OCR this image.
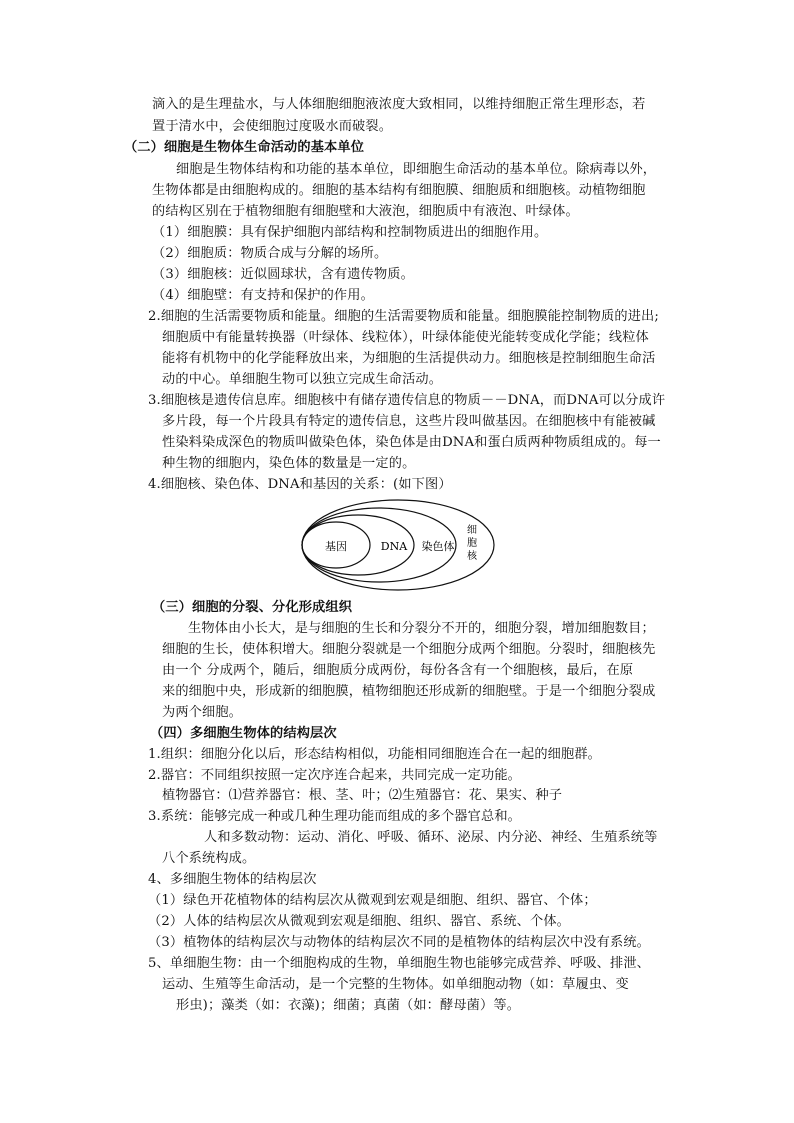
滴入的是生理盐水，与人体细胞细胞液浓度大致相同，以维持细胞正常生理形态，若
置于清水中，会使细胞过度吸水而破裂。
（二）细胞是生物体生命活动的基本单位
细胞是生物体结构和功能的基本单位，即细胞生命活动的基本单位。除病毒以外，
生物体都是由细胞构成的。细胞的基本结构有细胞膜、细胞质和细胞核。动植物细胞
的结构区别在于植物细胞有细胞壁和大液泡，细胞质中有液泡、叶绿体。
（1）细胞膜：具有保护细胞内部结构和控制物质进出的细胞作用。
（2）细胞质：物质合成与分解的场所。
（3）细胞核：近似圆球状，含有遗传物质。
（4）细胞壁：有支持和保护的作用。
2.细胞的生活需要物质和能量。细胞的生活需要物质和能量。细胞膜能控制物质的进出;
细胞质中有能量转换器（叶绿体、线粒体），叶绿体能使光能转变成化学能；线粒体
能将有机物中的化学能释放出来，为细胞的生活提供动力。细胞核是控制细胞生命活
动的中心。单细胞生物可以独立完成生命活动。
3.细胞核是遗传信息库。细胞核中有储存遗传信息的物质－－DNA，而DNA可以分成许
多片段，每一个片段具有特定的遗传信息，这些片段叫做基因。在细胞核中有能被碱
性染料染成深色的物质叫做染色体，染色体是由DNA和蛋白质两种物质组成的。每一
种生物的细胞内，染色体的数量是一定的。
4.细胞核、染色体、DNA和基因的关系：(如下图）
基因	DNA 染色体
细
胞
核
（三）细胞的分裂、分化形成组织
生物体由小长大，是与细胞的生长和分裂分不开的，细胞分裂，增加细胞数目；
细胞的生长，使体积增大。细胞分裂就是一个细胞分成两个细胞。分裂时，细胞核先
由一个 分成两个，随后，细胞质分成两份，每份各含有一个细胞核，最后，在原
来的细胞中央，形成新的细胞膜，植物细胞还形成新的细胞壁。于是一个细胞分裂成
为两个细胞。
（四）多细胞生物体的结构层次
1.组织：细胞分化以后，形态结构相似，功能相同细胞连合在一起的细胞群。
2.器官：不同组织按照一定次序连合起来，共同完成一定功能。
植物器官：⑴营养器官：根、茎、叶；⑵生殖器官：花、果实、种子
3.系统：能够完成一种或几种生理功能而组成的多个器官总和。
人和多数动物：运动、消化、呼吸、循环、泌尿、内分泌、神经、生殖系统等
八个系统构成。
4、多细胞生物体的结构层次
（1）绿色开花植物体的结构层次从微观到宏观是细胞、组织、器官、个体；
（2）人体的结构层次从微观到宏观是细胞、组织、器官、系统、个体。
（3）植物体的结构层次与动物体的结构层次不同的是植物体的结构层次中没有系统。
5、单细胞生物：由一个细胞构成的生物，单细胞生物也能够完成营养、呼吸、排泄、
运动、生殖等生命活动，是一个完整的生物体。如单细胞动物（如：草履虫、变
形虫)；藻类（如：衣藻)；细菌；真菌（如：酵母菌）等。
